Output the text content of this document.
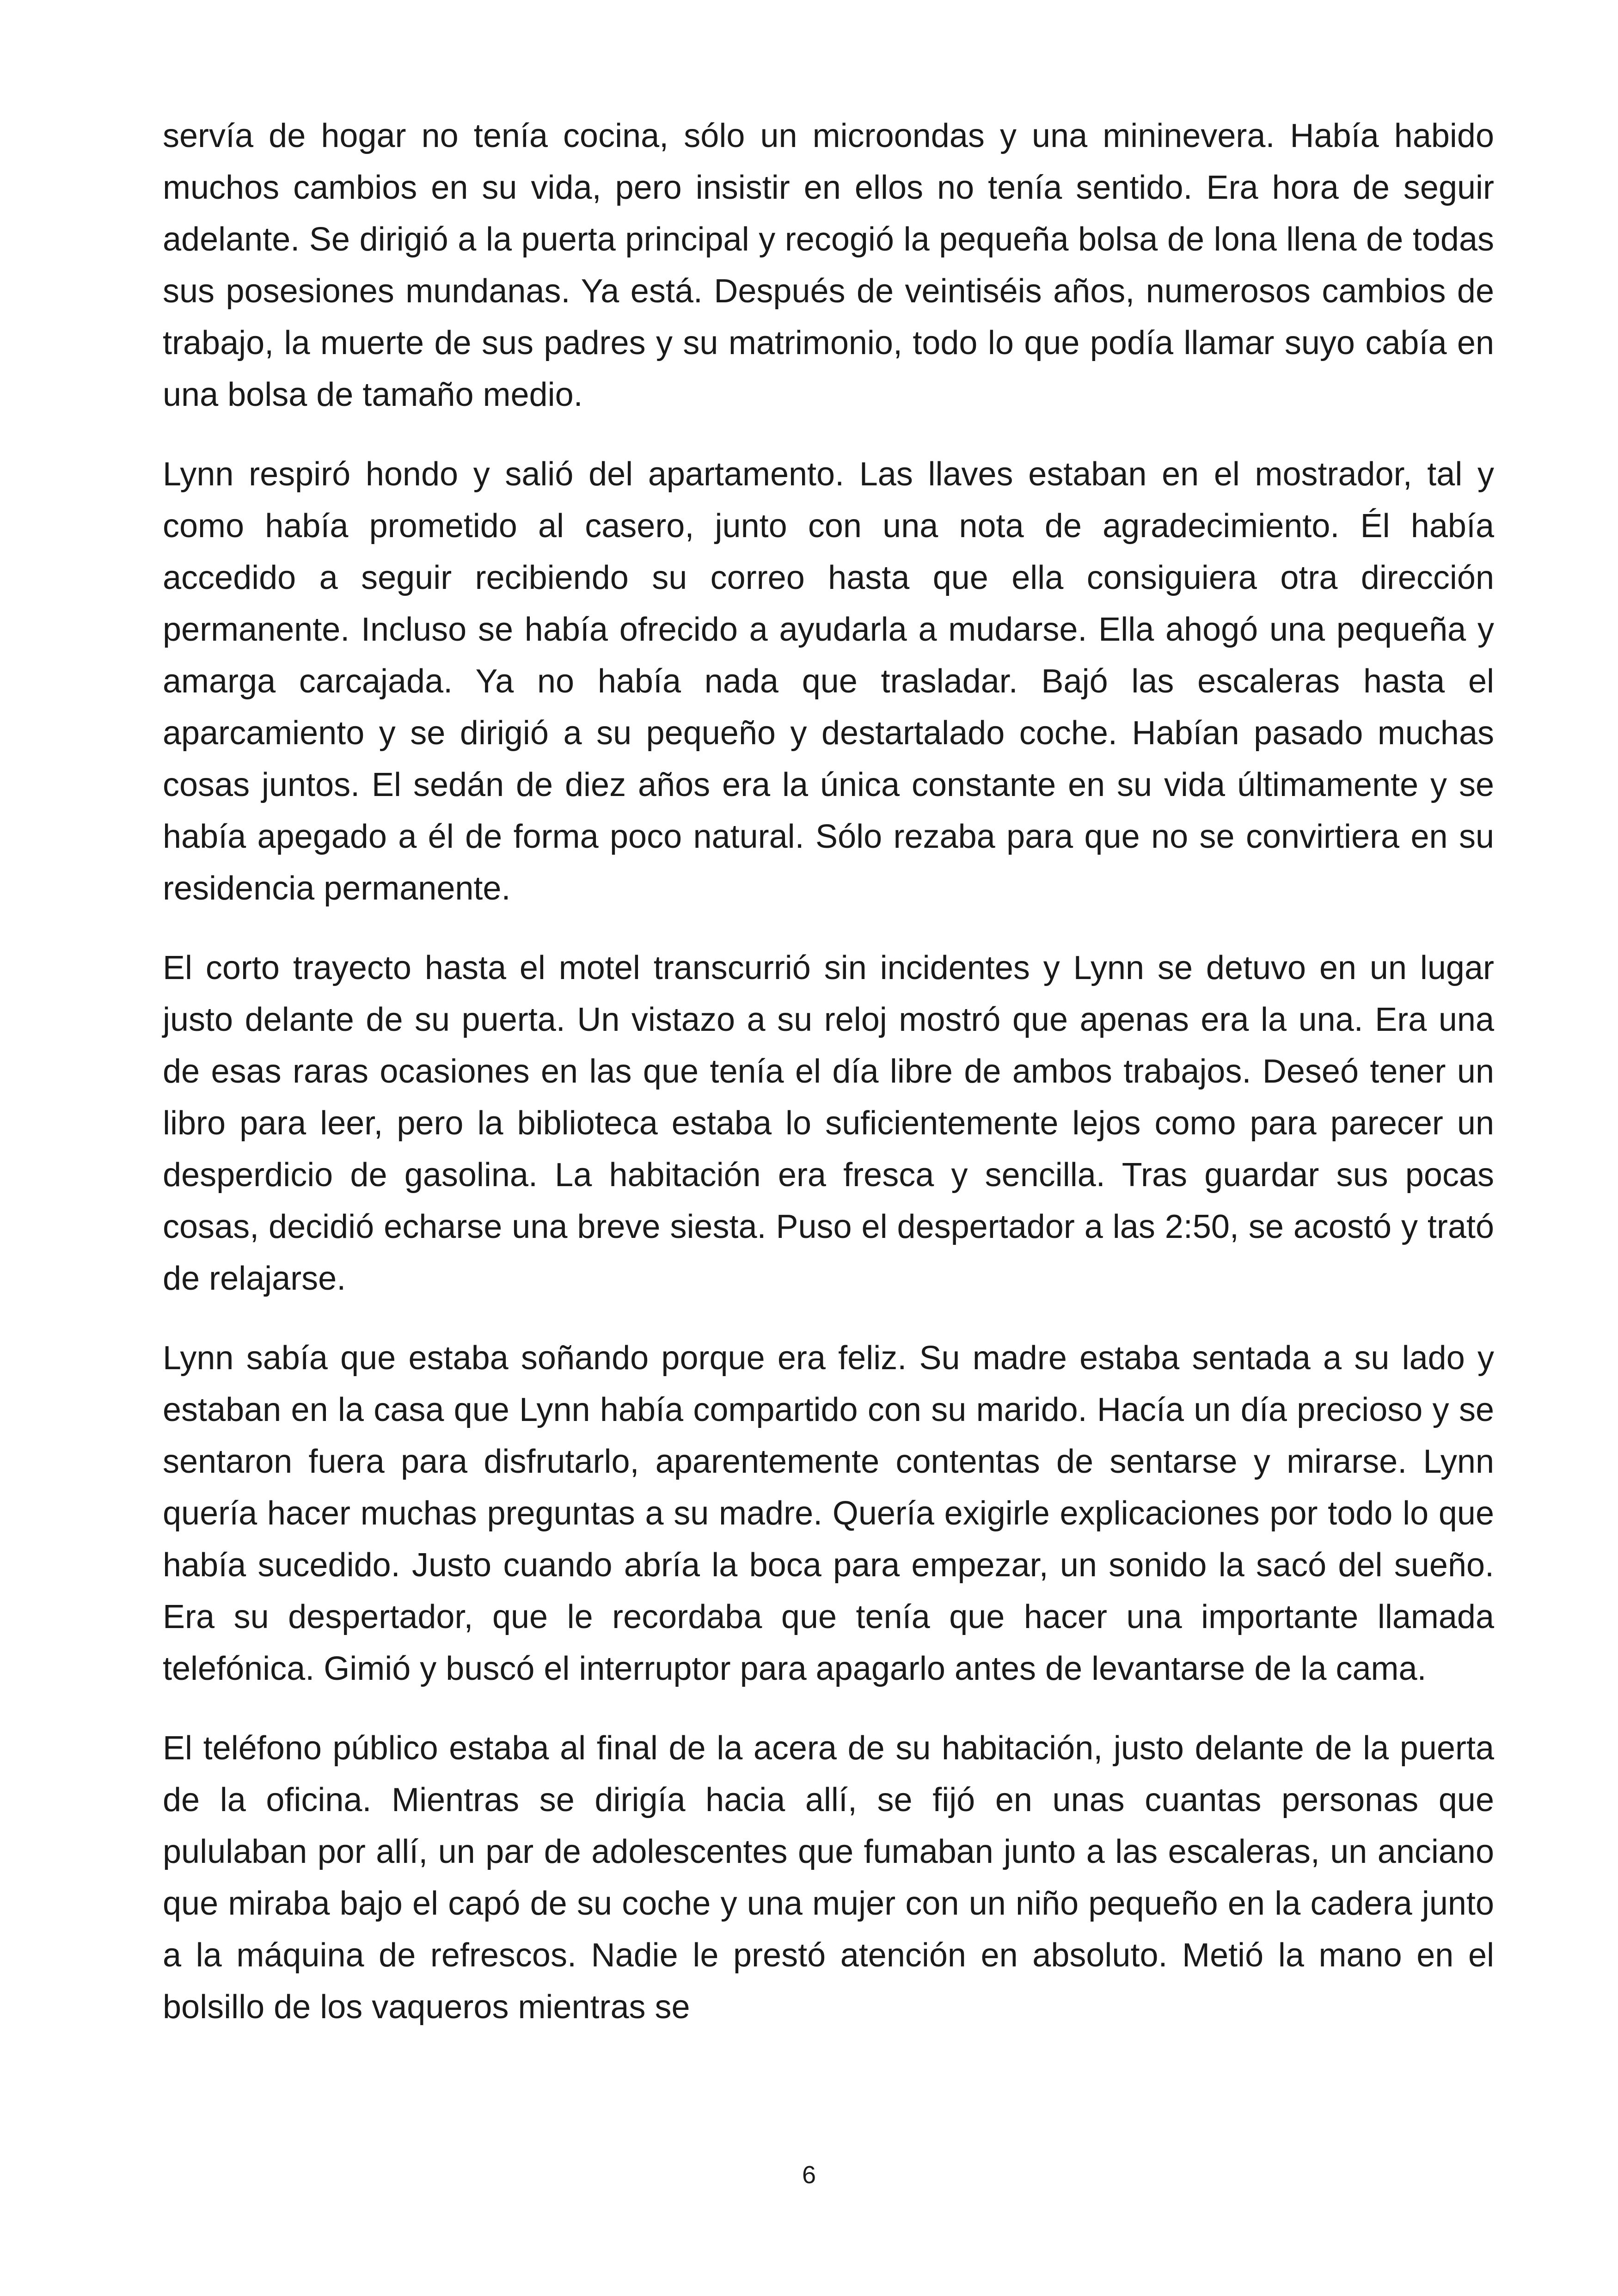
servía de hogar no tenía cocina, sólo un microondas y una mininevera. Había habido muchos cambios en su vida, pero insistir en ellos no tenía sentido. Era hora de seguir adelante. Se dirigió a la puerta principal y recogió la pequeña bolsa de lona llena de todas sus posesiones mundanas. Ya está. Después de veintiséis años, numerosos cambios de trabajo, la muerte de sus padres y su matrimonio, todo lo que podía llamar suyo cabía en una bolsa de tamaño medio.

Lynn respiró hondo y salió del apartamento. Las llaves estaban en el mostrador, tal y como había prometido al casero, junto con una nota de agradecimiento. Él había accedido a seguir recibiendo su correo hasta que ella consiguiera otra dirección permanente. Incluso se había ofrecido a ayudarla a mudarse. Ella ahogó una pequeña y amarga carcajada. Ya no había nada que trasladar. Bajó las escaleras hasta el aparcamiento y se dirigió a su pequeño y destartalado coche. Habían pasado muchas cosas juntos. El sedán de diez años era la única constante en su vida últimamente y se había apegado a él de forma poco natural. Sólo rezaba para que no se convirtiera en su residencia permanente.

El corto trayecto hasta el motel transcurrió sin incidentes y Lynn se detuvo en un lugar justo delante de su puerta. Un vistazo a su reloj mostró que apenas era la una. Era una de esas raras ocasiones en las que tenía el día libre de ambos trabajos. Deseó tener un libro para leer, pero la biblioteca estaba lo suficientemente lejos como para parecer un desperdicio de gasolina. La habitación era fresca y sencilla. Tras guardar sus pocas cosas, decidió echarse una breve siesta. Puso el despertador a las 2:50, se acostó y trató de relajarse.

Lynn sabía que estaba soñando porque era feliz. Su madre estaba sentada a su lado y estaban en la casa que Lynn había compartido con su marido. Hacía un día precioso y se sentaron fuera para disfrutarlo, aparentemente contentas de sentarse y mirarse. Lynn quería hacer muchas preguntas a su madre. Quería exigirle explicaciones por todo lo que había sucedido. Justo cuando abría la boca para empezar, un sonido la sacó del sueño. Era su despertador, que le recordaba que tenía que hacer una importante llamada telefónica. Gimió y buscó el interruptor para apagarlo antes de levantarse de la cama.

El teléfono público estaba al final de la acera de su habitación, justo delante de la puerta de la oficina. Mientras se dirigía hacia allí, se fijó en unas cuantas personas que pululaban por allí, un par de adolescentes que fumaban junto a las escaleras, un anciano que miraba bajo el capó de su coche y una mujer con un niño pequeño en la cadera junto a la máquina de refrescos. Nadie le prestó atención en absoluto. Metió la mano en el bolsillo de los vaqueros mientras se

6
